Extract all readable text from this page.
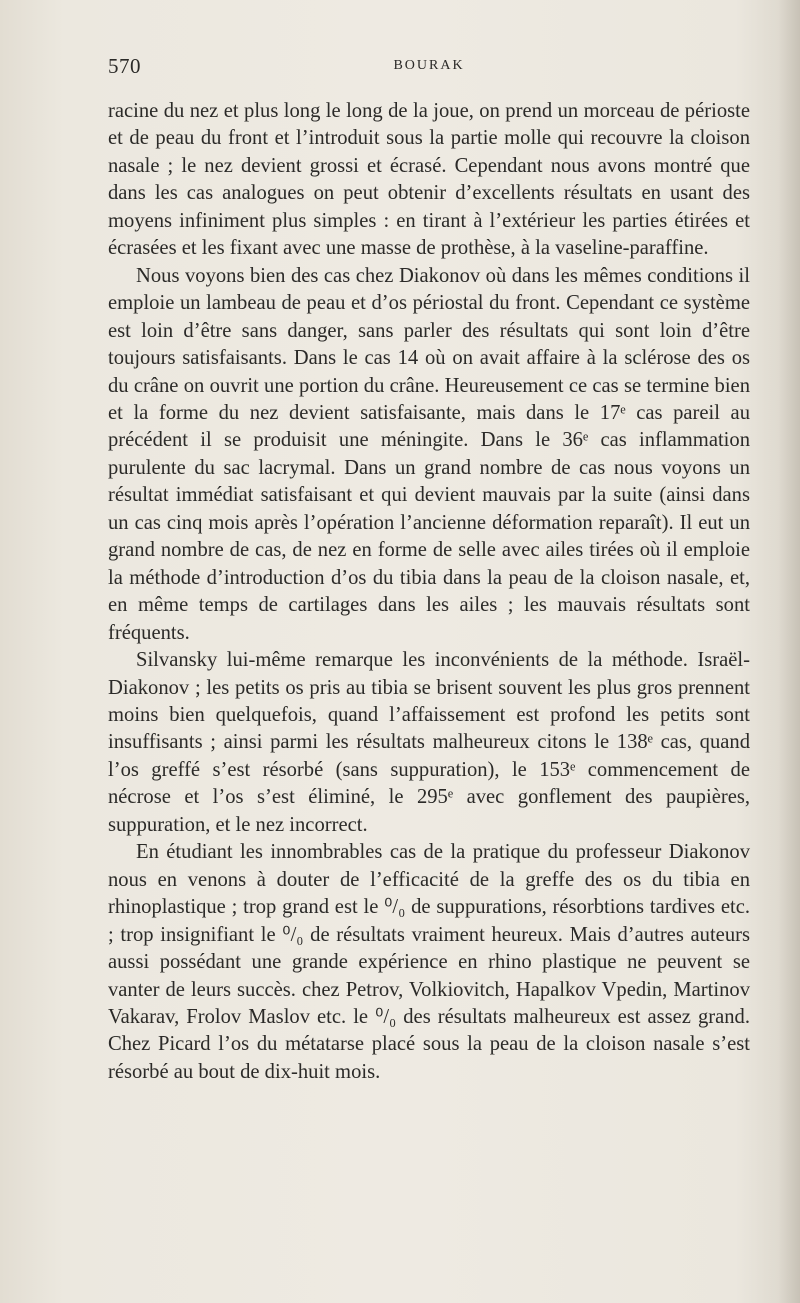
570	BOURAK

racine du nez et plus long le long de la joue, on prend un morceau de périoste et de peau du front et l’introduit sous la partie molle qui recouvre la cloison nasale ; le nez devient grossi et écrasé. Cependant nous avons montré que dans les cas analogues on peut obtenir d’excellents résultats en usant des moyens infiniment plus simples : en tirant à l’extérieur les parties étirées et écrasées et les fixant avec une masse de prothèse, à la vaseline-paraffine.

Nous voyons bien des cas chez Diakonov où dans les mêmes conditions il emploie un lambeau de peau et d’os périostal du front. Cependant ce système est loin d’être sans danger, sans parler des résultats qui sont loin d’être toujours satisfaisants. Dans le cas 14 où on avait affaire à la sclérose des os du crâne on ouvrit une portion du crâne. Heureusement ce cas se termine bien et la forme du nez devient satisfaisante, mais dans le 17ᵉ cas pareil au précédent il se produisit une méningite. Dans le 36ᵉ cas inflammation purulente du sac lacrymal. Dans un grand nombre de cas nous voyons un résultat immédiat satisfaisant et qui devient mauvais par la suite (ainsi dans un cas cinq mois après l’opération l’ancienne déformation reparaît). Il eut un grand nombre de cas, de nez en forme de selle avec ailes tirées où il emploie la méthode d’introduction d’os du tibia dans la peau de la cloison nasale, et, en même temps de cartilages dans les ailes ; les mauvais résultats sont fréquents.

Silvansky lui-même remarque les inconvénients de la méthode. Israël-Diakonov ; les petits os pris au tibia se brisent souvent les plus gros prennent moins bien quelquefois, quand l’affaissement est profond les petits sont insuffisants ; ainsi parmi les résultats malheureux citons le 138ᵉ cas, quand l’os greffé s’est résorbé (sans suppuration), le 153ᵉ commencement de nécrose et l’os s’est éliminé, le 295ᵉ avec gonflement des paupières, suppuration, et le nez incorrect.

En étudiant les innombrables cas de la pratique du professeur Diakonov nous en venons à douter de l’efficacité de la greffe des os du tibia en rhinoplastique ; trop grand est le ⁰/₀ de suppurations, résorbtions tardives etc. ; trop insignifiant le ⁰/₀ de résultats vraiment heureux. Mais d’autres auteurs aussi possédant une grande expérience en rhino plastique ne peuvent se vanter de leurs succès. chez Petrov, Volkiovitch, Hapalkov Vpedin, Martinov Vakarav, Frolov Maslov etc. le ⁰/₀ des résultats malheureux est assez grand. Chez Picard l’os du métatarse placé sous la peau de la cloison nasale s’est résorbé au bout de dix-huit mois.
